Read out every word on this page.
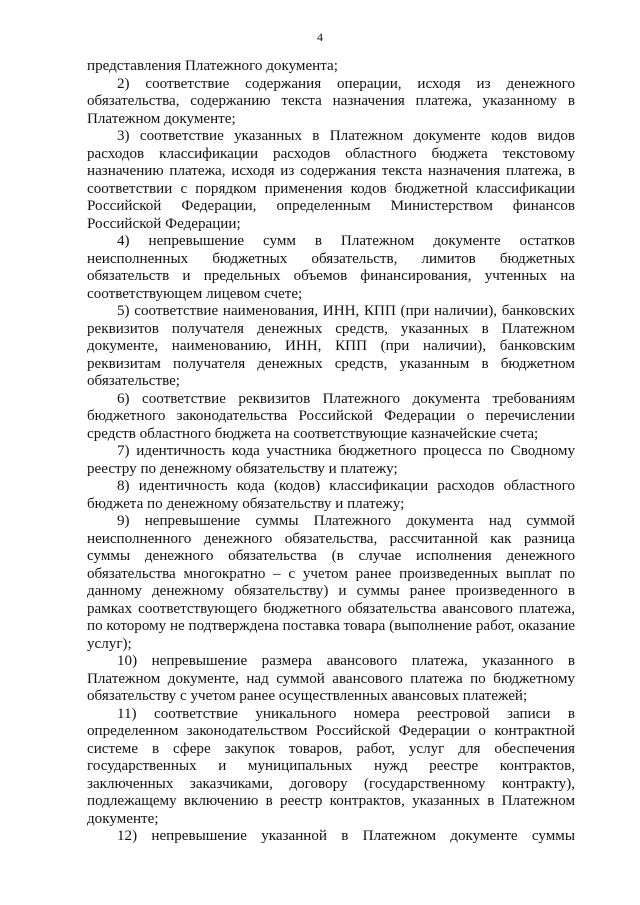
4

представления Платежного документа;

2) соответствие содержания операции, исходя из денежного обязательства, содержанию текста назначения платежа, указанному в Платежном документе;

3) соответствие указанных в Платежном документе кодов видов расходов классификации расходов областного бюджета текстовому назначению платежа, исходя из содержания текста назначения платежа, в соответствии с порядком применения кодов бюджетной классификации Российской Федерации, определенным Министерством финансов Российской Федерации;

4) непревышение сумм в Платежном документе остатков неисполненных бюджетных обязательств, лимитов бюджетных обязательств и предельных объемов финансирования, учтенных на соответствующем лицевом счете;

5) соответствие наименования, ИНН, КПП (при наличии), банковских реквизитов получателя денежных средств, указанных в Платежном документе, наименованию, ИНН, КПП (при наличии), банковским реквизитам получателя денежных средств, указанным в бюджетном обязательстве;

6) соответствие реквизитов Платежного документа требованиям бюджетного законодательства Российской Федерации о перечислении средств областного бюджета на соответствующие казначейские счета;

7) идентичность кода участника бюджетного процесса по Сводному реестру по денежному обязательству и платежу;

8) идентичность кода (кодов) классификации расходов областного бюджета по денежному обязательству и платежу;

9) непревышение суммы Платежного документа над суммой неисполненного денежного обязательства, рассчитанной как разница суммы денежного обязательства (в случае исполнения денежного обязательства многократно – с учетом ранее произведенных выплат по данному денежному обязательству) и суммы ранее произведенного в рамках соответствующего бюджетного обязательства авансового платежа, по которому не подтверждена поставка товара (выполнение работ, оказание услуг);

10) непревышение размера авансового платежа, указанного в Платежном документе, над суммой авансового платежа по бюджетному обязательству с учетом ранее осуществленных авансовых платежей;

11) соответствие уникального номера реестровой записи в определенном законодательством Российской Федерации о контрактной системе в сфере закупок товаров, работ, услуг для обеспечения государственных и муниципальных нужд реестре контрактов, заключенных заказчиками, договору (государственному контракту), подлежащему включению в реестр контрактов, указанных в Платежном документе;

12) непревышение указанной в Платежном документе суммы
